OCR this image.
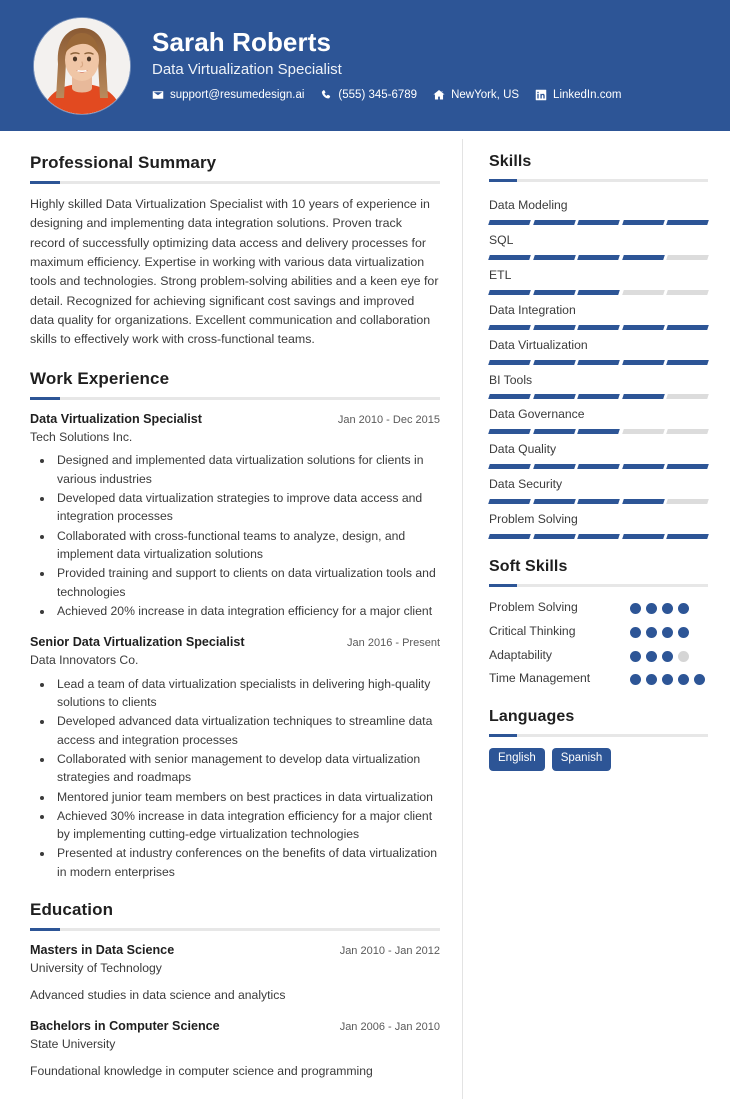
Sarah Roberts
Data Virtualization Specialist
support@resumedesign.ai	(555) 345-6789	NewYork, US	LinkedIn.com
Professional Summary

Highly skilled Data Virtualization Specialist with 10 years of experience in designing and implementing data integration solutions. Proven track record of successfully optimizing data access and delivery processes for maximum efficiency. Expertise in working with various data virtualization tools and technologies. Strong problem-solving abilities and a keen eye for detail. Recognized for achieving significant cost savings and improved data quality for organizations. Excellent communication and collaboration skills to effectively work with cross-functional teams.

Work Experience
Data Virtualization Specialist	Jan 2010 - Dec 2015
Tech Solutions Inc.
• Designed and implemented data virtualization solutions for clients in various industries
• Developed data virtualization strategies to improve data access and integration processes
• Collaborated with cross-functional teams to analyze, design, and implement data virtualization solutions
• Provided training and support to clients on data virtualization tools and technologies
• Achieved 20% increase in data integration efficiency for a major client
Senior Data Virtualization Specialist	Jan 2016 - Present
Data Innovators Co.
• Lead a team of data virtualization specialists in delivering high-quality solutions to clients
• Developed advanced data virtualization techniques to streamline data access and integration processes
• Collaborated with senior management to develop data virtualization strategies and roadmaps
• Mentored junior team members on best practices in data virtualization
• Achieved 30% increase in data integration efficiency for a major client by implementing cutting-edge virtualization technologies
• Presented at industry conferences on the benefits of data virtualization in modern enterprises
Education
Masters in Data Science	Jan 2010 - Jan 2012
University of Technology
Advanced studies in data science and analytics
Bachelors in Computer Science	Jan 2006 - Jan 2010
State University
Foundational knowledge in computer science and programming
Skills
Data Modeling
SQL
ETL
Data Integration
Data Virtualization
BI Tools
Data Governance
Data Quality
Data Security
Problem Solving
Soft Skills
Problem Solving
Critical Thinking
Adaptability
Time Management
Languages
English	Spanish
